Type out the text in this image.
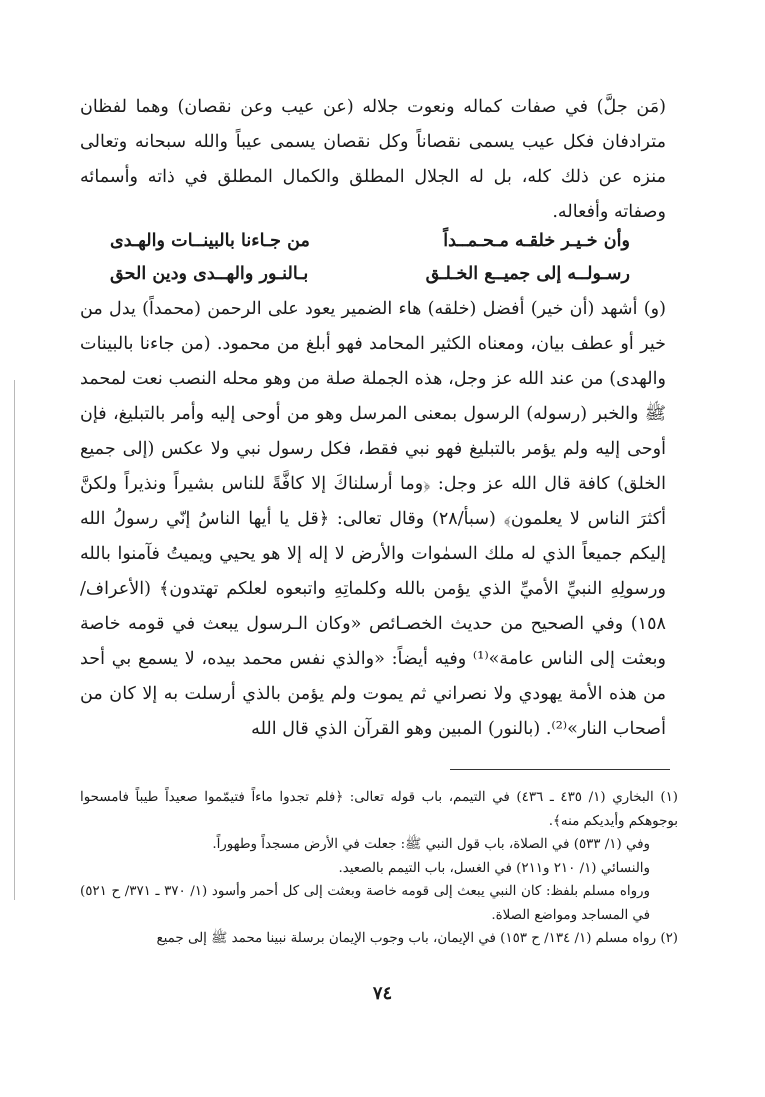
(مَن جلَّ) في صفات كماله ونعوت جلاله (عن عيب وعن نقصان) وهما لفظان مترادفان فكل عيب يسمى نقصاناً وكل نقصان يسمى عيباً والله سبحانه وتعالى منزه عن ذلك كله، بل له الجلال المطلق والكمال المطلق في ذاته وأسمائه وصفاته وأفعاله.

وأن خـيـر خلقـه مـحـمــداً
من جـاءنا بالبينــات والهـدى
رسـولــه إلى جميــع الخـلـق
بـالنـور والهــدى ودين الحق

(و) أشهد (أن خير) أفضل (خلقه) هاء الضمير يعود على الرحمن (محمداً) يدل من خير أو عطف بيان، ومعناه الكثير المحامد فهو أبلغ من محمود. (من جاءنا بالبينات والهدى) من عند الله عز وجل، هذه الجملة صلة من وهو محله النصب نعت لمحمد ﷺ والخبر (رسوله) الرسول بمعنى المرسل وهو من أوحى إليه وأمر بالتبليغ، فإن أوحى إليه ولم يؤمر بالتبليغ فهو نبي فقط، فكل رسول نبي ولا عكس (إلى جميع الخلق) كافة قال الله عز وجل: ﴿وما أرسلناكَ إلا كافَّةً للناس بشيراً ونذيراً ولكنَّ أكثرَ الناس لا يعلمون﴾ (سبأ/٢٨) وقال تعالى: ﴿قل يا أيها الناسُ إنّي رسولُ الله إليكم جميعاً الذي له ملك السمٰوات والأرض لا إله إلا هو يحيي ويميتُ فآمنوا بالله ورسولِهِ النبيِّ الأميِّ الذي يؤمن بالله وكلماتِهِ واتبعوه لعلكم تهتدون﴾ (الأعراف/١٥٨) وفي الصحيح من حديث الخصـائص «وكان الـرسول يبعث في قومه خاصة وبعثت إلى الناس عامة»⁽¹⁾ وفيه أيضاً: «والذي نفس محمد بيده، لا يسمع بي أحد من هذه الأمة يهودي ولا نصراني ثم يموت ولم يؤمن بالذي أرسلت به إلا كان من أصحاب النار»⁽²⁾. (بالنور) المبين وهو القرآن الذي قال الله

(١) البخاري (١/ ٤٣٥ ـ ٤٣٦) في التيمم، باب قوله تعالى: ﴿فلم تجدوا ماءاً فتيمّموا صعيداً طيباً فامسحوا بوجوهكم وأيديكم منه﴾.

وفي (١/ ٥٣٣) في الصلاة، باب قول النبي ﷺ: جعلت في الأرض مسجداً وطهوراً.

والنسائي (١/ ٢١٠ و٢١١) في الغسل، باب التيمم بالصعيد.

ورواه مسلم بلفظ: كان النبي يبعث إلى قومه خاصة وبعثت إلى كل أحمر وأسود (١/ ٣٧٠ ـ ٣٧١/ ح ٥٢١) في المساجد ومواضع الصلاة.

(٢) رواه مسلم (١/ ١٣٤/ ح ١٥٣) في الإيمان، باب وجوب الإيمان برسلة نبينا محمد ﷺ إلى جميع

٧٤
